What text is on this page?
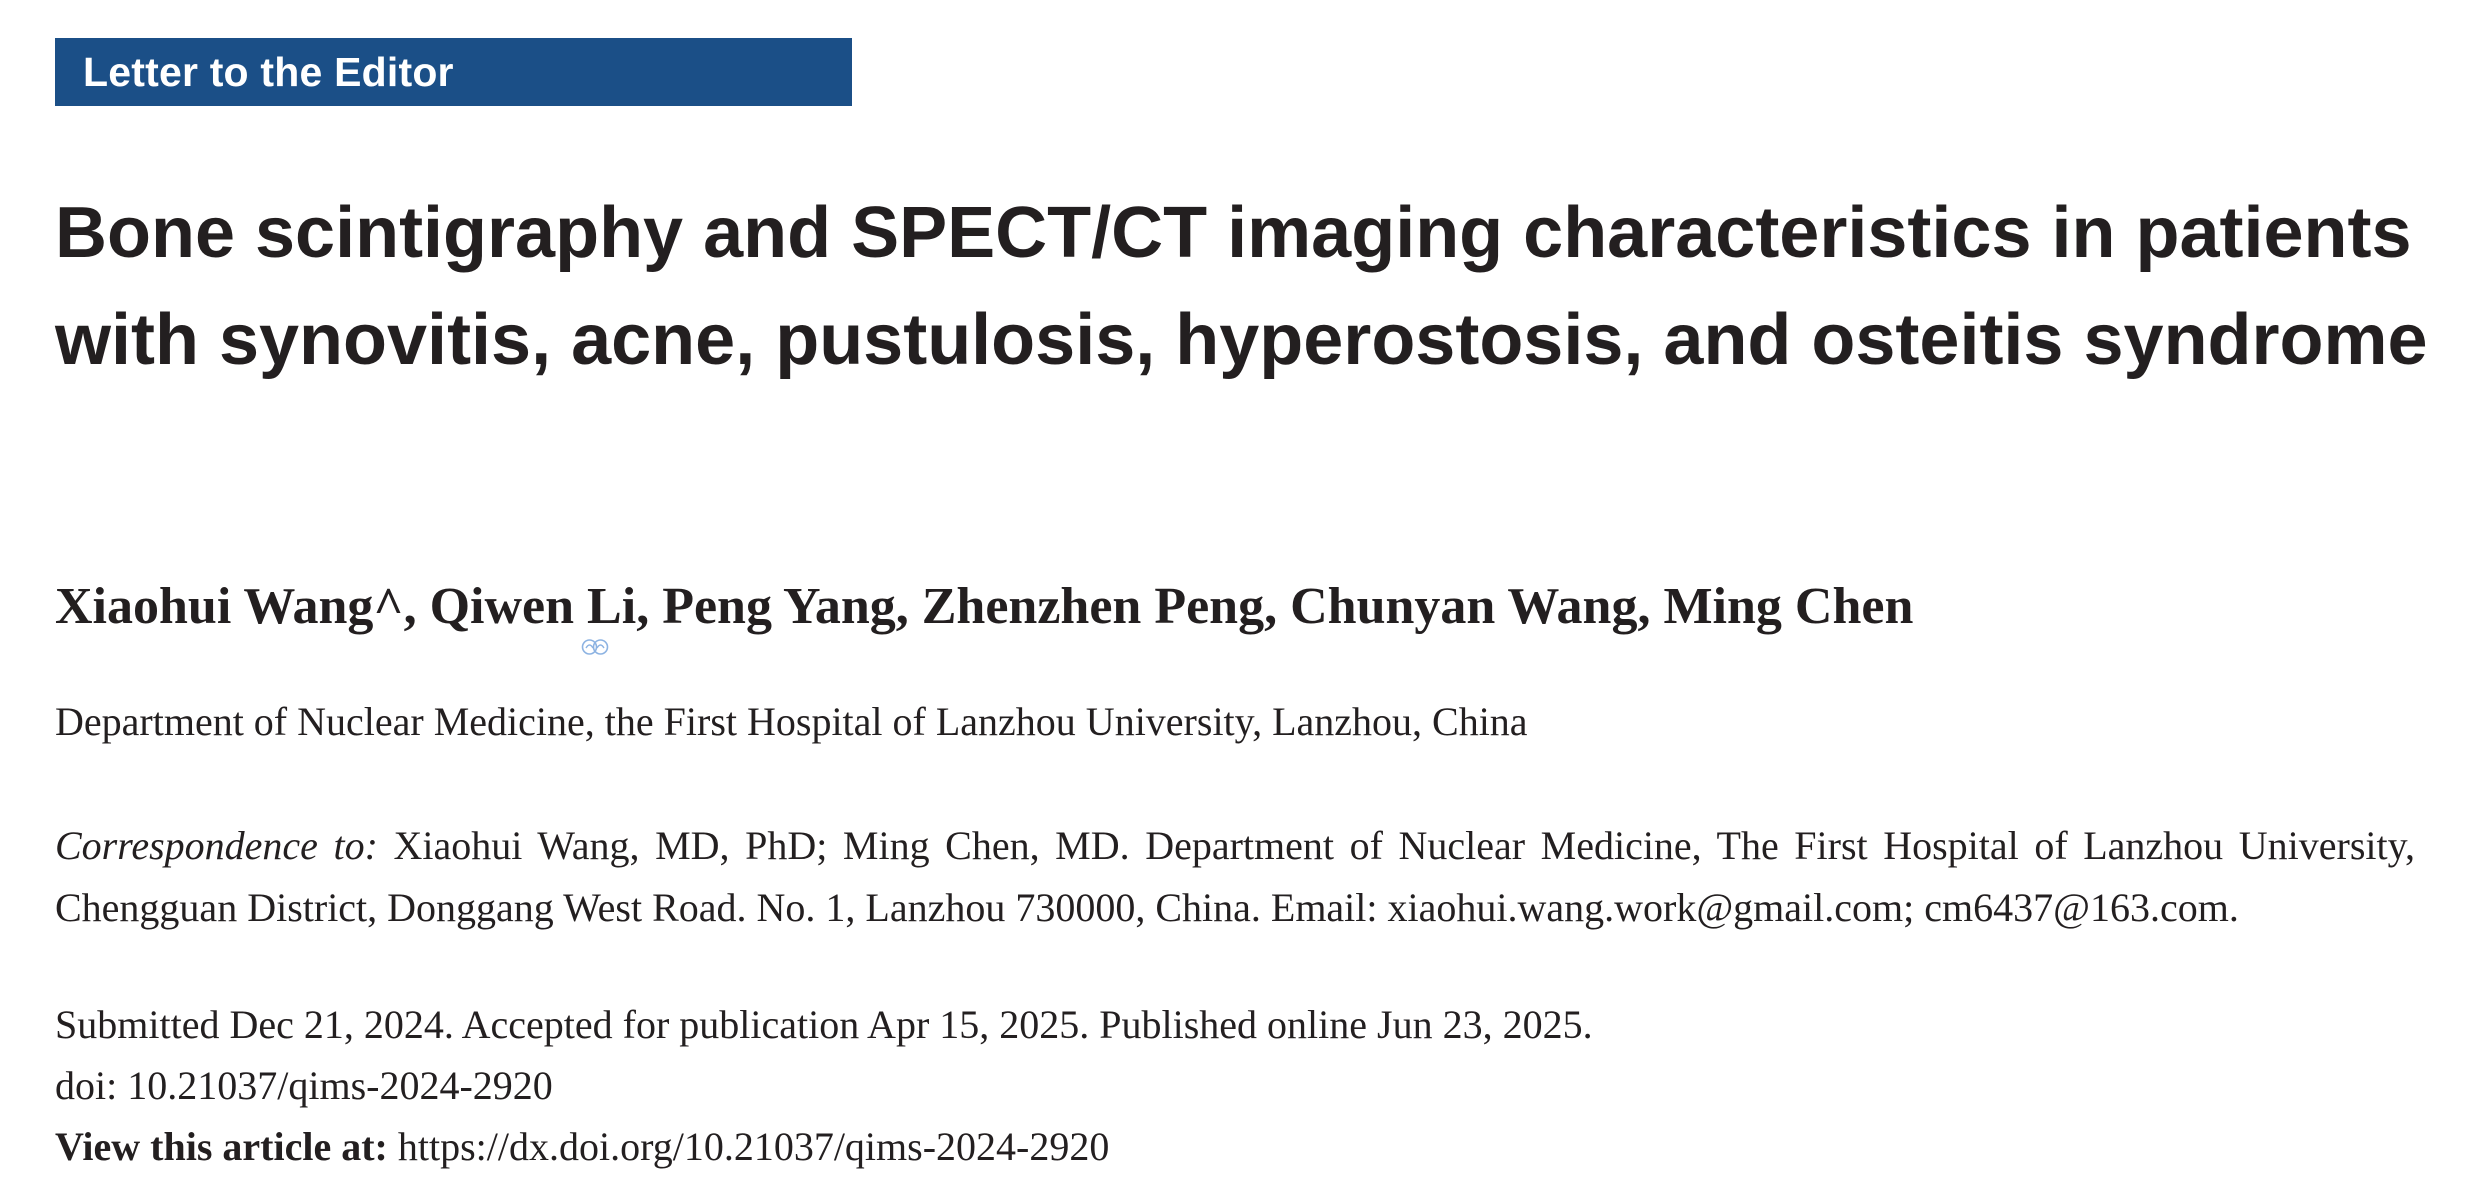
Letter to the Editor
Bone scintigraphy and SPECT/CT imaging characteristics in patients with synovitis, acne, pustulosis, hyperostosis, and osteitis syndrome

Xiaohui Wang^, Qiwen Li, Peng Yang, Zhenzhen Peng, Chunyan Wang, Ming Chen

Department of Nuclear Medicine, the First Hospital of Lanzhou University, Lanzhou, China

Correspondence to: Xiaohui Wang, MD, PhD; Ming Chen, MD. Department of Nuclear Medicine, The First Hospital of Lanzhou University, Chengguan District, Donggang West Road. No. 1, Lanzhou 730000, China. Email: xiaohui.wang.work@gmail.com; cm6437@163.com.

Submitted Dec 21, 2024. Accepted for publication Apr 15, 2025. Published online Jun 23, 2025.

doi: 10.21037/qims-2024-2920

View this article at: https://dx.doi.org/10.21037/qims-2024-2920
